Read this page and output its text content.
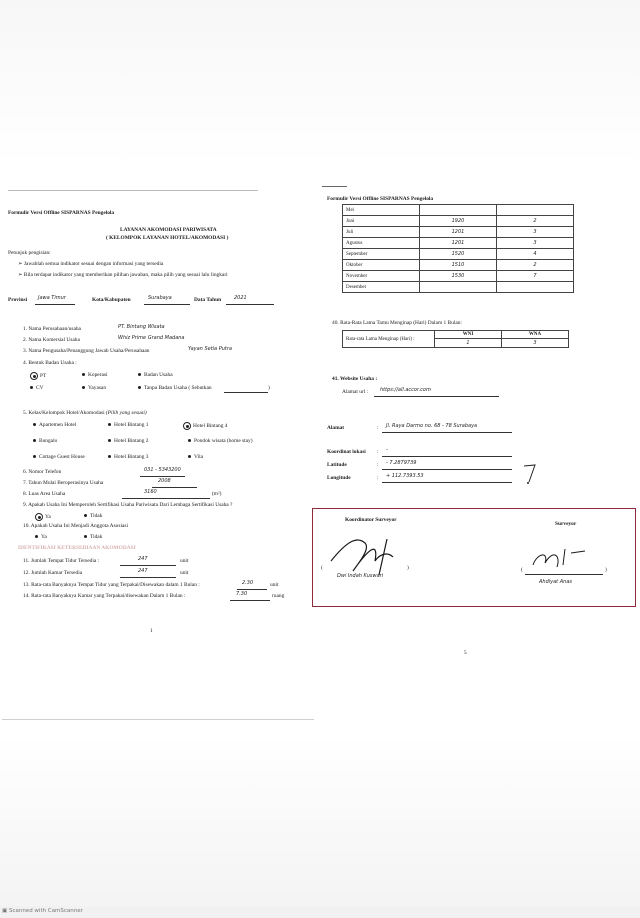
Formulir Versi Offline SISPARNAS Pengelola
LAYANAN AKOMODASI PARIWISATA
( KELOMPOK LAYANAN HOTEL/AKOMODASI )
Petunjuk pengisian:
➢ Jawablah semua indikator sesuai dengan informasi yang tersedia
➢ Bila terdapat indikator yang memberikan pilihan jawaban, maka pilih yang sesuai lalu lingkari
Provinsi Jawa Timur	Kota/Kabupaten	Surabaya	Data Tahun	2021
1. Nama Perusahaan/usaha	PT. Bintang Wisata
2. Nama Komersial Usaha	Whiz Prime Grand Madana
3. Nama Pengusaha/Penanggung Jawab Usaha/Perusahaan	Yayan Setia Putra
4. Bentuk Badan Usaha :
PT	Koperasi	Badan Usaha
CV	Yayasan	Tanpa Badan Usaha ( Sebutkan	)
5. Kelas/Kelompok Hotel/Akomodasi (Pilih yang sesuai)
Apartemen Hotel	Hotel Bintang 1	Hotel Bintang 4
Bungalo	Hotel Bintang 2	Pondok wisata (home stay)
Cottage Guest House	Hotel Bintang 3	Vila
6. Nomor Telefon	031 - 5343200
7. Tahun Mulai Beroperasinya Usaha	2008
8. Luas Area Usaha	3160	(m²)
9. Apakah Usaha Ini Memperoleh Sertifikasi Usaha Pariwisata Dari Lembaga Sertifikasi Usaha ?
Ya	Tidak
10. Apakah Usaha Ini Menjadi Anggota Asosiasi
Ya	Tidak
IDENTIFIKASI KETERSEDIAAN AKOMODASI
11. Jumlah Tempat Tidur Tersedia :	247	unit
12. Jumlah Kamar Tersedia	247	unit
13. Rata-rata Banyaknya Tempat Tidur yang Terpakai/Disewakan dalam 1 Bulan :	2.30	unit
14. Rata-rata Banyaknya Kamar yang Terpakai/disewakan Dalam 1 Bulan :	7.30	ruang
1
Formulir Versi Offline SISPARNAS Pengelola
Mei		
Juni	1920	2
Juli	1201	3
Agustus	1201	3
September	1520	4
Oktober	1510	2
November	1530	7
Desember		
40. Rata-Rata Lama Tamu Menginap (Hari) Dalam 1 Bulan:
Rata-rata Lama Menginap (Hari) :	WNI	WNA
	1	3
41. Website Usaha :
Alamat url : https://all.accor.com
Alamat	: Jl. Raya Darmo no. 68 - 78 Surabaya
Koordinat lokasi : -
Latitude	: - 7.2879739
Longitude	: + 112.7393.53
5
Koordinator Surveyor
Surveyor
(	)
Dwi Indah Kuswari
(	)
Ahdiyat Anas
▣ Scanned with CamScanner
